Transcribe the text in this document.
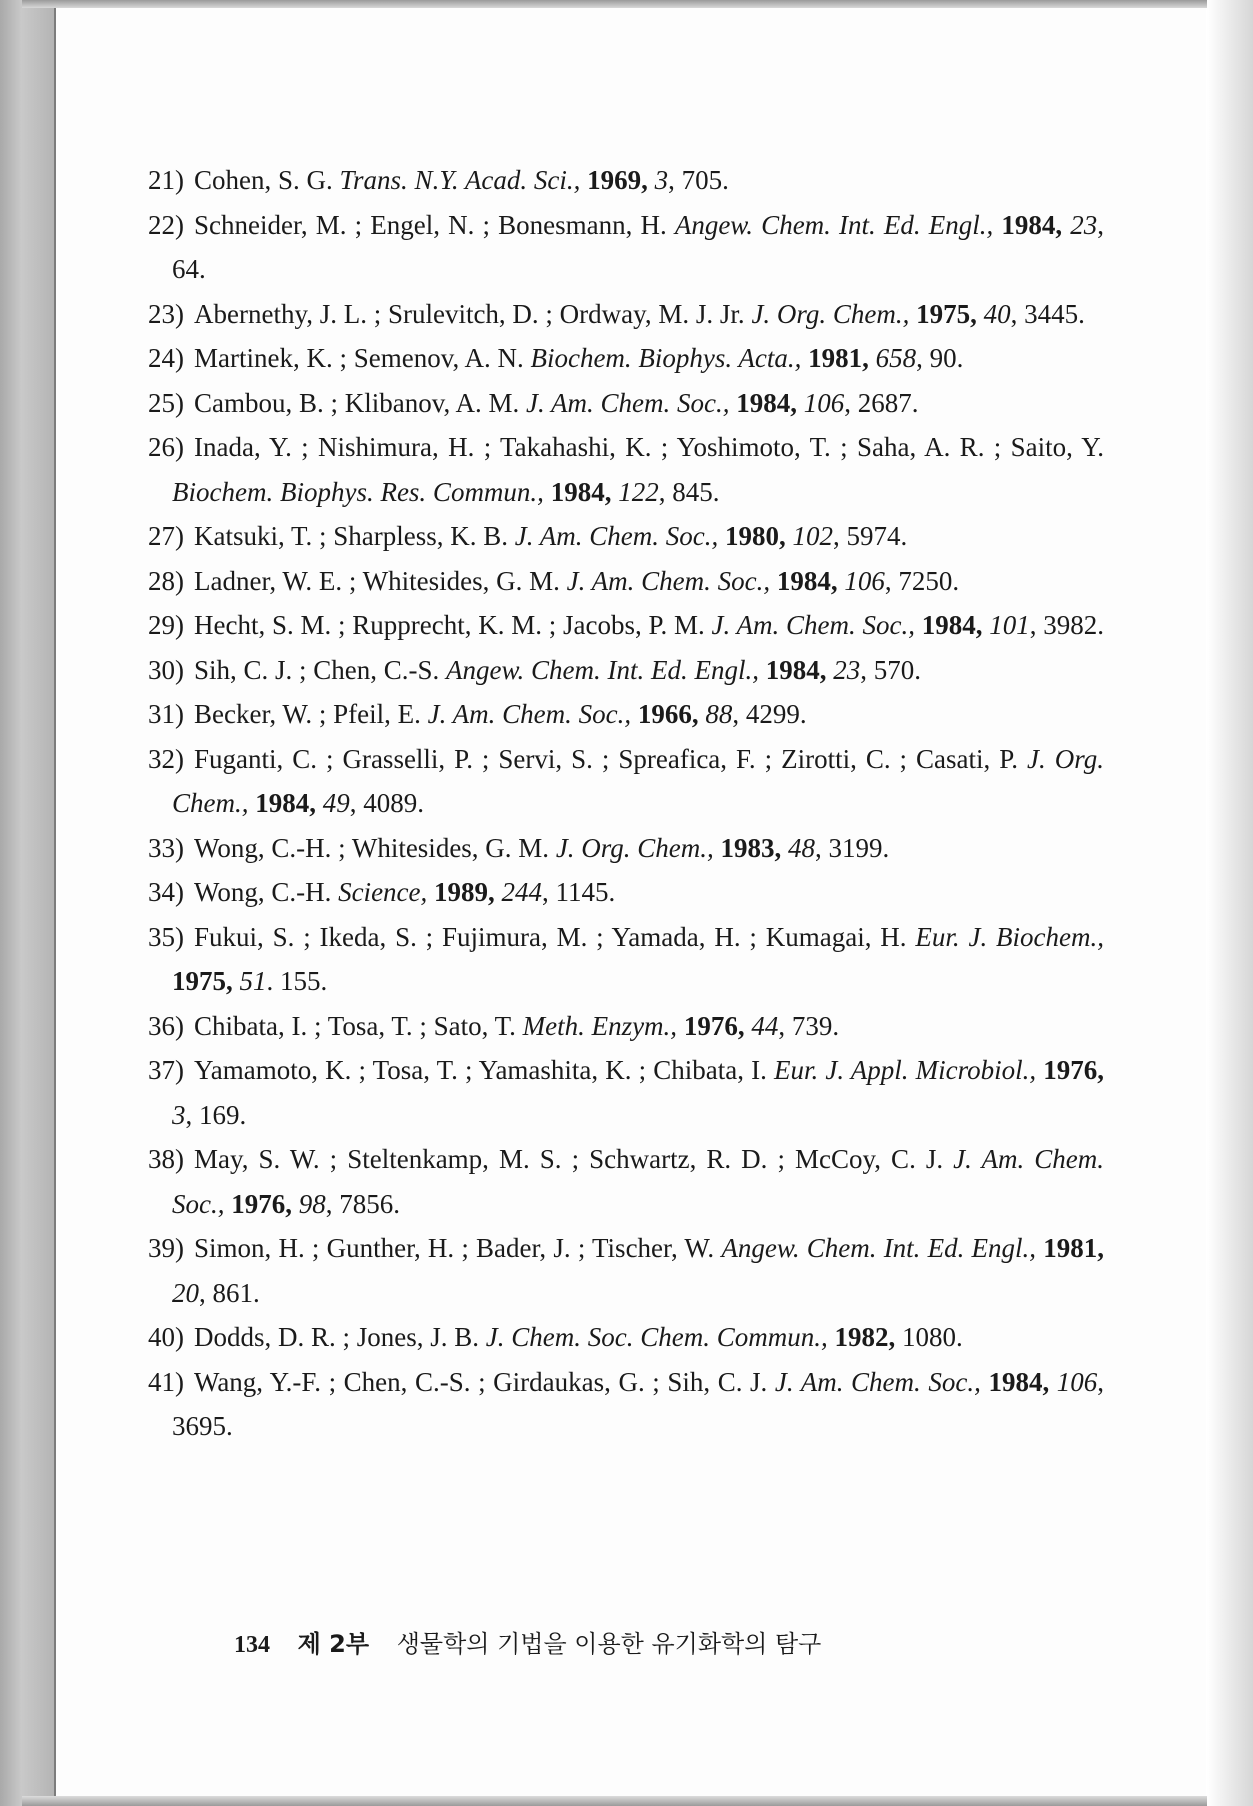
21) Cohen, S. G. Trans. N.Y. Acad. Sci., 1969, 3, 705.
22) Schneider, M. ; Engel, N. ; Bonesmann, H. Angew. Chem. Int. Ed. Engl., 1984, 23, 64.
23) Abernethy, J. L. ; Srulevitch, D. ; Ordway, M. J. Jr. J. Org. Chem., 1975, 40, 3445.
24) Martinek, K. ; Semenov, A. N. Biochem. Biophys. Acta., 1981, 658, 90.
25) Cambou, B. ; Klibanov, A. M. J. Am. Chem. Soc., 1984, 106, 2687.
26) Inada, Y. ; Nishimura, H. ; Takahashi, K. ; Yoshimoto, T. ; Saha, A. R. ; Saito, Y. Biochem. Biophys. Res. Commun., 1984, 122, 845.
27) Katsuki, T. ; Sharpless, K. B. J. Am. Chem. Soc., 1980, 102, 5974.
28) Ladner, W. E. ; Whitesides, G. M. J. Am. Chem. Soc., 1984, 106, 7250.
29) Hecht, S. M. ; Rupprecht, K. M. ; Jacobs, P. M. J. Am. Chem. Soc., 1984, 101, 3982.
30) Sih, C. J. ; Chen, C.-S. Angew. Chem. Int. Ed. Engl., 1984, 23, 570.
31) Becker, W. ; Pfeil, E. J. Am. Chem. Soc., 1966, 88, 4299.
32) Fuganti, C. ; Grasselli, P. ; Servi, S. ; Spreafica, F. ; Zirotti, C. ; Casati, P. J. Org. Chem., 1984, 49, 4089.
33) Wong, C.-H. ; Whitesides, G. M. J. Org. Chem., 1983, 48, 3199.
34) Wong, C.-H. Science, 1989, 244, 1145.
35) Fukui, S. ; Ikeda, S. ; Fujimura, M. ; Yamada, H. ; Kumagai, H. Eur. J. Biochem., 1975, 51. 155.
36) Chibata, I. ; Tosa, T. ; Sato, T. Meth. Enzym., 1976, 44, 739.
37) Yamamoto, K. ; Tosa, T. ; Yamashita, K. ; Chibata, I. Eur. J. Appl. Microbiol., 1976, 3, 169.
38) May, S. W. ; Steltenkamp, M. S. ; Schwartz, R. D. ; McCoy, C. J. J. Am. Chem. Soc., 1976, 98, 7856.
39) Simon, H. ; Gunther, H. ; Bader, J. ; Tischer, W. Angew. Chem. Int. Ed. Engl., 1981, 20, 861.
40) Dodds, D. R. ; Jones, J. B. J. Chem. Soc. Chem. Commun., 1982, 1080.
41) Wang, Y.-F. ; Chen, C.-S. ; Girdaukas, G. ; Sih, C. J. J. Am. Chem. Soc., 1984, 106, 3695.
134 제 2부 생물학의 기법을 이용한 유기화학의 탐구
